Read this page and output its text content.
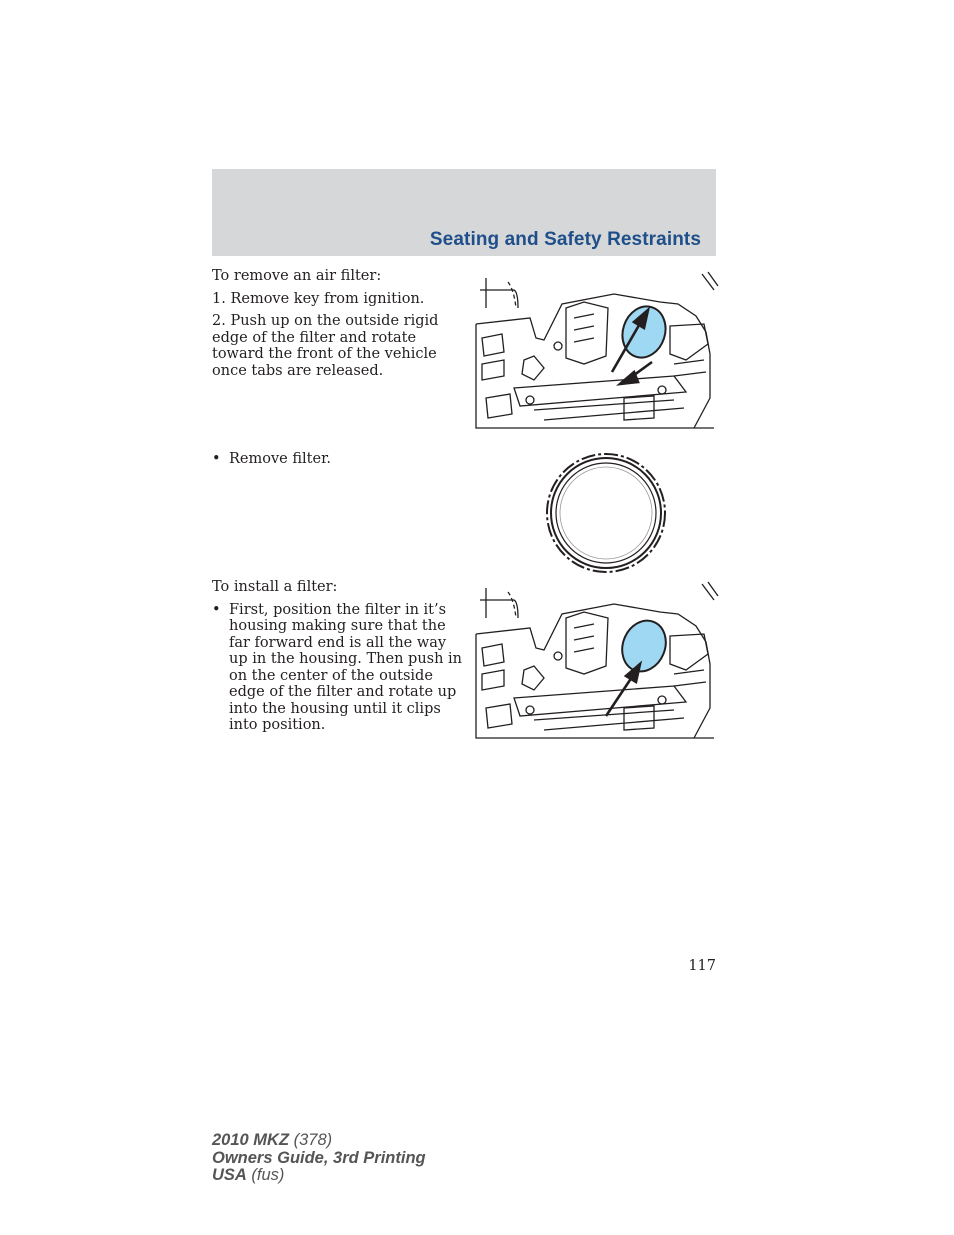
Seating and Safety Restraints

To remove an air filter:

1. Remove key from ignition.

2. Push up on the outside rigid edge of the filter and rotate toward the front of the vehicle once tabs are released.

• Remove filter.

To install a filter:

• First, position the filter in it’s housing making sure that the far forward end is all the way up in the housing. Then push in on the center of the outside edge of the filter and rotate up into the housing until it clips into position.
117
2010 MKZ (378)
Owners Guide, 3rd Printing
USA (fus)
